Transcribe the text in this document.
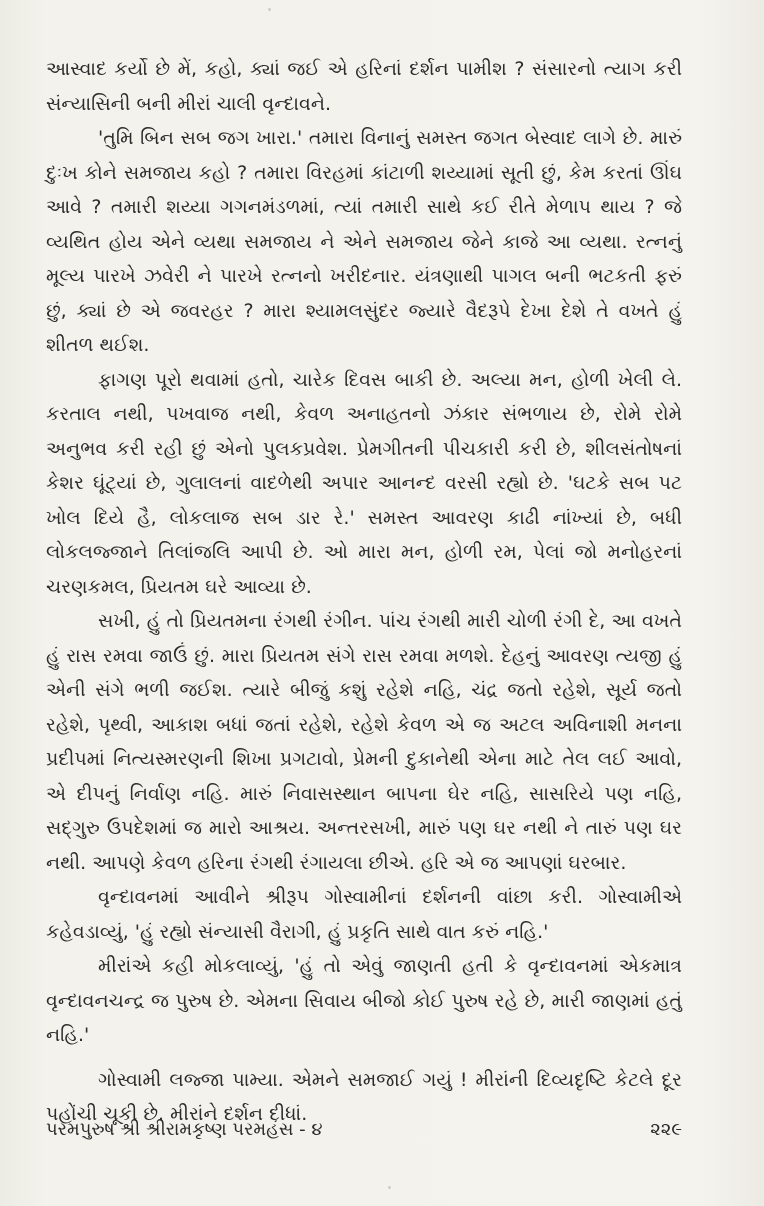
આસ્વાદ કર્યો છે મેં, કહો, ક્યાં જઈ એ હરિનાં દર્શન પામીશ ? સંસારનો ત્યાગ કરી સંન્યાસિની બની મીરાં ચાલી વૃન્દાવને.

'તુમિ બિન સબ જગ ખારા.' તમારા વિનાનું સમસ્ત જગત બેસ્વાદ લાગે છે. મારું દુઃખ કોને સમજાય કહો ? તમારા વિરહમાં કાંટાળી શય્યામાં સૂતી છું, કેમ કરતાં ઊંઘ આવે ? તમારી શય્યા ગગનમંડળમાં, ત્યાં તમારી સાથે કઈ રીતે મેળાપ થાય ? જે વ્યથિત હોય એને વ્યથા સમજાય ને એને સમજાય જેને કાજે આ વ્યથા. રત્નનું મૂલ્ય પારખે ઝવેરી ને પારખે રત્નનો ખરીદનાર. યંત્રણાથી પાગલ બની ભટકતી ફરું છું, ક્યાં છે એ જવરહર ? મારા શ્યામલસુંદર જ્યારે વૈદરૂપે દેખા દેશે તે વખતે હું શીતળ થઈશ.

ફાગણ પૂરો થવામાં હતો, ચારેક દિવસ બાકી છે. અલ્યા મન, હોળી ખેલી લે. કરતાલ નથી, પખવાજ નથી, કેવળ અનાહતનો ઝંકાર સંભળાય છે, રોમે રોમે અનુભવ કરી રહી છું એનો પુલકપ્રવેશ. પ્રેમગીતની પીચકારી કરી છે, શીલસંતોષનાં કેશર ઘૂંટ્યાં છે, ગુલાલનાં વાદળેથી અપાર આનન્દ વરસી રહ્યો છે. 'ઘટકે સબ પટ ખોલ દિયે હૈ, લોકલાજ સબ ડાર રે.' સમસ્ત આવરણ કાઢી નાંખ્યાં છે, બધી લોકલજ્જાને તિલાંજલિ આપી છે. ઓ મારા મન, હોળી રમ, પેલાં જો મનોહરનાં ચરણકમલ, પ્રિયતમ ઘરે આવ્યા છે.

સખી, હું તો પ્રિયતમના રંગથી રંગીન. પાંચ રંગથી મારી ચોળી રંગી દે, આ વખતે હું રાસ રમવા જાઉં છું. મારા પ્રિયતમ સંગે રાસ રમવા મળશે. દેહનું આવરણ ત્યજી હું એની સંગે ભળી જઈશ. ત્યારે બીજું કશું રહેશે નહિ, ચંદ્ર જતો રહેશે, સૂર્ય જતો રહેશે, પૃથ્વી, આકાશ બધાં જતાં રહેશે, રહેશે કેવળ એ જ અટલ અવિનાશી મનના પ્રદીપમાં નિત્યસ્મરણની શિખા પ્રગટાવો, પ્રેમની દુકાનેથી એના માટે તેલ લઈ આવો, એ દીપનું નિર્વાણ નહિ. મારું નિવાસસ્થાન બાપના ઘેર નહિ, સાસરિયે પણ નહિ, સદ્‌ગુરુ ઉપદેશમાં જ મારો આશ્રય. અન્તરસખી, મારું પણ ઘર નથી ને તારું પણ ઘર નથી. આપણે કેવળ હરિના રંગથી રંગાયલા છીએ. હરિ એ જ આપણાં ઘરબાર.

વૃન્દાવનમાં આવીને શ્રીરૂપ ગોસ્વામીનાં દર્શનની વાંછા કરી. ગોસ્વામીએ કહેવડાવ્યું, 'હું રહ્યો સંન્યાસી વૈરાગી, હું પ્રકૃતિ સાથે વાત કરું નહિ.'

મીરાંએ કહી મોકલાવ્યું, 'હું તો એવું જાણતી હતી કે વૃન્દાવનમાં એકમાત્ર વૃન્દાવનચન્દ્ર જ પુરુષ છે. એમના સિવાય બીજો કોઈ પુરુષ રહે છે, મારી જાણમાં હતું નહિ.'

ગોસ્વામી લજ્જા પામ્યા. એમને સમજાઈ ગયું ! મીરાંની દિવ્યદૃષ્ટિ કેટલે દૂર પહોંચી ચૂકી છે. મીરાંને દર્શન દીધાં.

પરમપુરુષ શ્રી શ્રીરામકૃષ્ણ પરમહંસ - ૪	૨૨૯
